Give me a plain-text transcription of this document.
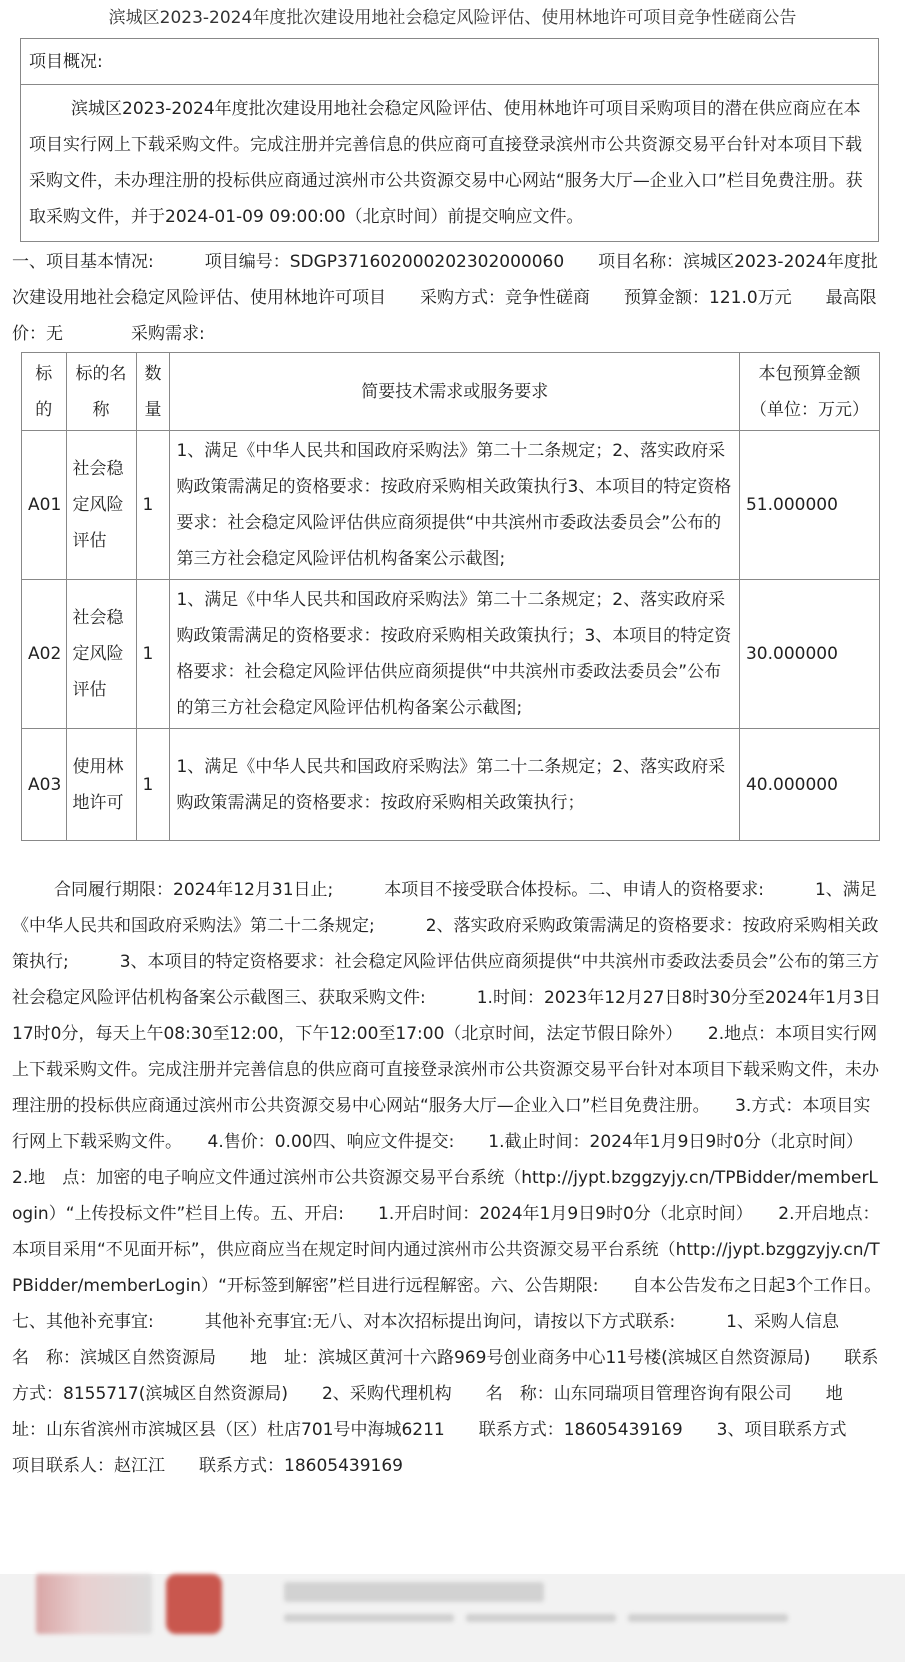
滨城区2023-2024年度批次建设用地社会稳定风险评估、使用林地许可项目竞争性磋商公告
项目概况:
滨城区2023-2024年度批次建设用地社会稳定风险评估、使用林地许可项目采购项目的潜在供应商应在本项目实行网上下载采购文件。完成注册并完善信息的供应商可直接登录滨州市公共资源交易平台针对本项目下载采购文件，未办理注册的投标供应商通过滨州市公共资源交易中心网站“服务大厅—企业入口”栏目免费注册。获取采购文件，并于2024-01-09 09:00:00（北京时间）前提交响应文件。
一、项目基本情况:　　　项目编号：SDGP371602000202302000060　　项目名称：滨城区2023-2024年度批次建设用地社会稳定风险评估、使用林地许可项目　　采购方式：竞争性磋商　　预算金额：121.0万元　　最高限价：无　　　　采购需求:
标的	标的名称	数量	简要技术需求或服务要求	本包预算金额（单位：万元）
A01	社会稳定风险评估	1	1、满足《中华人民共和国政府采购法》第二十二条规定；2、落实政府采购政策需满足的资格要求：按政府采购相关政策执行3、本项目的特定资格要求：社会稳定风险评估供应商须提供“中共滨州市委政法委员会”公布的第三方社会稳定风险评估机构备案公示截图;	51.000000
A02	社会稳定风险评估	1	1、满足《中华人民共和国政府采购法》第二十二条规定；2、落实政府采购政策需满足的资格要求：按政府采购相关政策执行；3、本项目的特定资格要求：社会稳定风险评估供应商须提供“中共滨州市委政法委员会”公布的第三方社会稳定风险评估机构备案公示截图;	30.000000
A03	使用林地许可	1	1、满足《中华人民共和国政府采购法》第二十二条规定；2、落实政府采购政策需满足的资格要求：按政府采购相关政策执行；	40.000000

合同履行期限：2024年12月31日止;　　　本项目不接受联合体投标。二、申请人的资格要求:　　　1、满足《中华人民共和国政府采购法》第二十二条规定;　　　2、落实政府采购政策需满足的资格要求：按政府采购相关政策执行;　　　3、本项目的特定资格要求：社会稳定风险评估供应商须提供“中共滨州市委政法委员会”公布的第三方社会稳定风险评估机构备案公示截图三、获取采购文件:　　　1.时间：2023年12月27日8时30分至2024年1月3日17时0分，每天上午08:30至12:00，下午12:00至17:00（北京时间，法定节假日除外）　　2.地点：本项目实行网上下载采购文件。完成注册并完善信息的供应商可直接登录滨州市公共资源交易平台针对本项目下载采购文件，未办理注册的投标供应商通过滨州市公共资源交易中心网站“服务大厅—企业入口”栏目免费注册。　　3.方式：本项目实行网上下载采购文件。　　4.售价：0.00四、响应文件提交:　　1.截止时间：2024年1月9日9时0分（北京时间）　　2.地　点：加密的电子响应文件通过滨州市公共资源交易平台系统（http://jypt.bzggzyjy.cn/TPBidder/memberLogin）“上传投标文件”栏目上传。五、开启:　　1.开启时间：2024年1月9日9时0分（北京时间）　　2.开启地点：本项目采用“不见面开标”，供应商应当在规定时间内通过滨州市公共资源交易平台系统（http://jypt.bzggzyjy.cn/TPBidder/memberLogin）“开标签到解密”栏目进行远程解密。六、公告期限:　　自本公告发布之日起3个工作日。七、其他补充事宜:　　　其他补充事宜:无八、对本次招标提出询问，请按以下方式联系:　　　1、采购人信息　　名　称：滨城区自然资源局　　地　址：滨城区黄河十六路969号创业商务中心11号楼(滨城区自然资源局)　　联系方式：8155717(滨城区自然资源局)　　2、采购代理机构　　名　称：山东同瑞项目管理咨询有限公司　　地　址：山东省滨州市滨城区县（区）杜店701号中海城6211　　联系方式：18605439169　　3、项目联系方式　　项目联系人：赵江江　　联系方式：18605439169
